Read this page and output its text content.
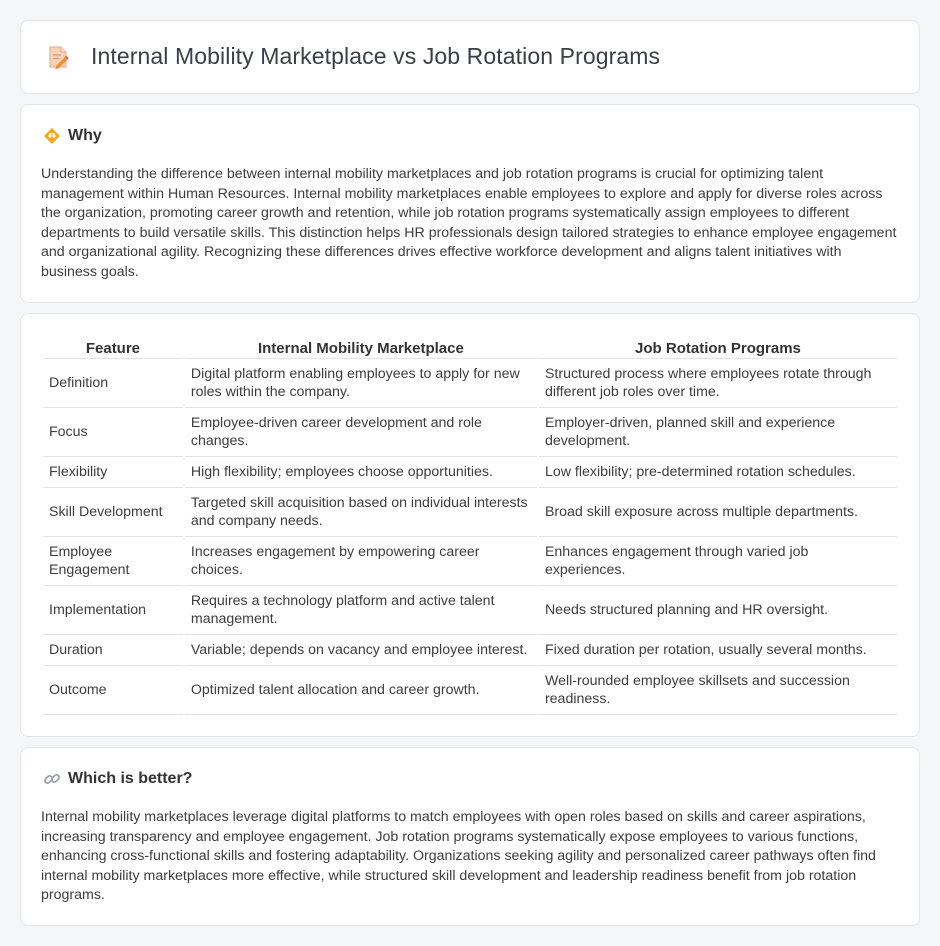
Internal Mobility Marketplace vs Job Rotation Programs
Why

Understanding the difference between internal mobility marketplaces and job rotation programs is crucial for optimizing talent management within Human Resources. Internal mobility marketplaces enable employees to explore and apply for diverse roles across the organization, promoting career growth and retention, while job rotation programs systematically assign employees to different departments to build versatile skills. This distinction helps HR professionals design tailored strategies to enhance employee engagement and organizational agility. Recognizing these differences drives effective workforce development and aligns talent initiatives with business goals.

Feature	Internal Mobility Marketplace	Job Rotation Programs
Definition	Digital platform enabling employees to apply for new roles within the company.	Structured process where employees rotate through different job roles over time.
Focus	Employee-driven career development and role changes.	Employer-driven, planned skill and experience development.
Flexibility	High flexibility; employees choose opportunities.	Low flexibility; pre-determined rotation schedules.
Skill Development	Targeted skill acquisition based on individual interests and company needs.	Broad skill exposure across multiple departments.
Employee Engagement	Increases engagement by empowering career choices.	Enhances engagement through varied job experiences.
Implementation	Requires a technology platform and active talent management.	Needs structured planning and HR oversight.
Duration	Variable; depends on vacancy and employee interest.	Fixed duration per rotation, usually several months.
Outcome	Optimized talent allocation and career growth.	Well-rounded employee skillsets and succession readiness.
Which is better?

Internal mobility marketplaces leverage digital platforms to match employees with open roles based on skills and career aspirations, increasing transparency and employee engagement. Job rotation programs systematically expose employees to various functions, enhancing cross-functional skills and fostering adaptability. Organizations seeking agility and personalized career pathways often find internal mobility marketplaces more effective, while structured skill development and leadership readiness benefit from job rotation programs.
